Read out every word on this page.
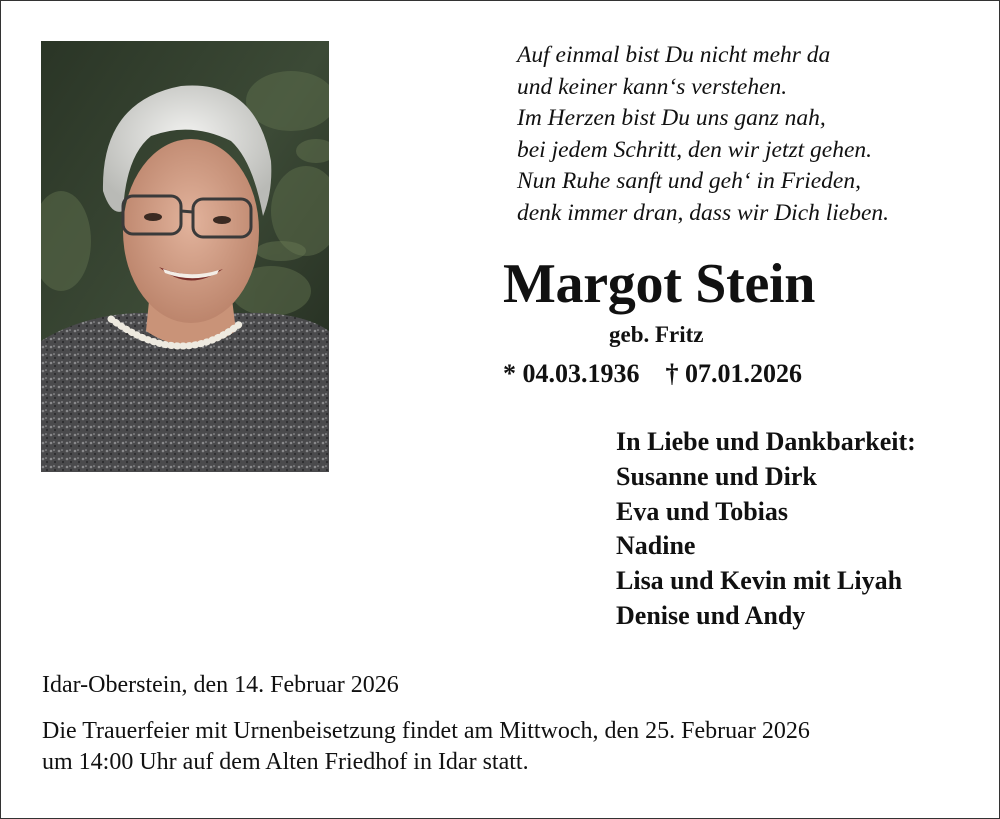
Auf einmal bist Du nicht mehr da
und keiner kann‘s verstehen.
Im Herzen bist Du uns ganz nah,
bei jedem Schritt, den wir jetzt gehen.
Nun Ruhe sanft und geh‘ in Frieden,
denk immer dran, dass wir Dich lieben.
Margot Stein
geb. Fritz
* 04.03.1936 † 07.01.2026
In Liebe und Dankbarkeit:
Susanne und Dirk
Eva und Tobias
Nadine
Lisa und Kevin mit Liyah
Denise und Andy
Idar-Oberstein, den 14. Februar 2026
Die Trauerfeier mit Urnenbeisetzung findet am Mittwoch, den 25. Februar 2026
um 14:00 Uhr auf dem Alten Friedhof in Idar statt.
